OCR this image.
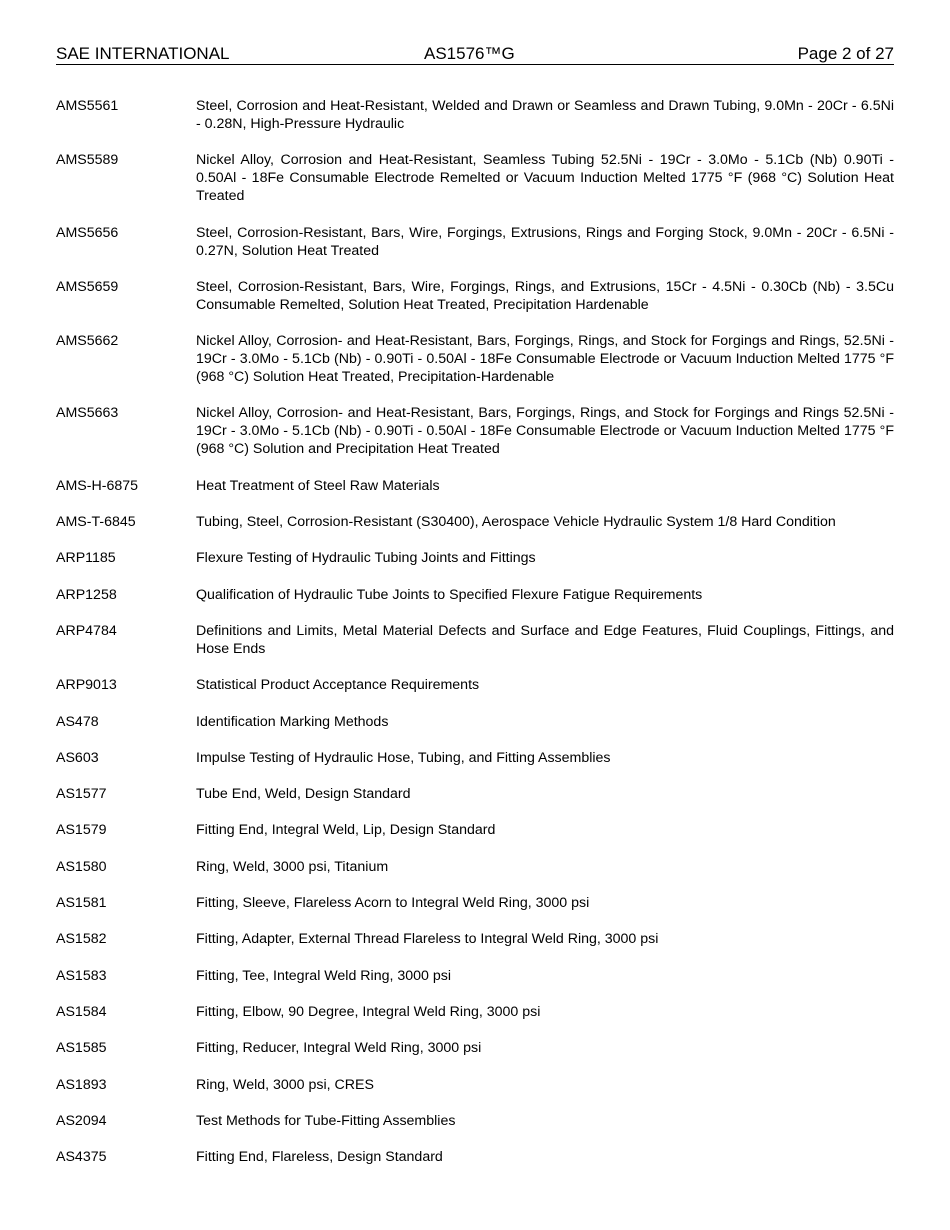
SAE INTERNATIONAL	AS1576™G	Page 2 of 27
AMS5561	Steel, Corrosion and Heat-Resistant, Welded and Drawn or Seamless and Drawn Tubing, 9.0Mn - 20Cr - 6.5Ni - 0.28N, High-Pressure Hydraulic
AMS5589	Nickel Alloy, Corrosion and Heat-Resistant, Seamless Tubing 52.5Ni - 19Cr - 3.0Mo - 5.1Cb (Nb) 0.90Ti - 0.50Al - 18Fe Consumable Electrode Remelted or Vacuum Induction Melted 1775 °F (968 °C) Solution Heat Treated
AMS5656	Steel, Corrosion-Resistant, Bars, Wire, Forgings, Extrusions, Rings and Forging Stock, 9.0Mn - 20Cr - 6.5Ni - 0.27N, Solution Heat Treated
AMS5659	Steel, Corrosion-Resistant, Bars, Wire, Forgings, Rings, and Extrusions, 15Cr - 4.5Ni - 0.30Cb (Nb) - 3.5Cu Consumable Remelted, Solution Heat Treated, Precipitation Hardenable
AMS5662	Nickel Alloy, Corrosion- and Heat-Resistant, Bars, Forgings, Rings, and Stock for Forgings and Rings, 52.5Ni - 19Cr - 3.0Mo - 5.1Cb (Nb) - 0.90Ti - 0.50Al - 18Fe Consumable Electrode or Vacuum Induction Melted 1775 °F (968 °C) Solution Heat Treated, Precipitation-Hardenable
AMS5663	Nickel Alloy, Corrosion- and Heat-Resistant, Bars, Forgings, Rings, and Stock for Forgings and Rings 52.5Ni - 19Cr - 3.0Mo - 5.1Cb (Nb) - 0.90Ti - 0.50Al - 18Fe Consumable Electrode or Vacuum Induction Melted 1775 °F (968 °C) Solution and Precipitation Heat Treated
AMS-H-6875	Heat Treatment of Steel Raw Materials
AMS-T-6845	Tubing, Steel, Corrosion-Resistant (S30400), Aerospace Vehicle Hydraulic System 1/8 Hard Condition
ARP1185	Flexure Testing of Hydraulic Tubing Joints and Fittings
ARP1258	Qualification of Hydraulic Tube Joints to Specified Flexure Fatigue Requirements
ARP4784	Definitions and Limits, Metal Material Defects and Surface and Edge Features, Fluid Couplings, Fittings, and Hose Ends
ARP9013	Statistical Product Acceptance Requirements
AS478	Identification Marking Methods
AS603	Impulse Testing of Hydraulic Hose, Tubing, and Fitting Assemblies
AS1577	Tube End, Weld, Design Standard
AS1579	Fitting End, Integral Weld, Lip, Design Standard
AS1580	Ring, Weld, 3000 psi, Titanium
AS1581	Fitting, Sleeve, Flareless Acorn to Integral Weld Ring, 3000 psi
AS1582	Fitting, Adapter, External Thread Flareless to Integral Weld Ring, 3000 psi
AS1583	Fitting, Tee, Integral Weld Ring, 3000 psi
AS1584	Fitting, Elbow, 90 Degree, Integral Weld Ring, 3000 psi
AS1585	Fitting, Reducer, Integral Weld Ring, 3000 psi
AS1893	Ring, Weld, 3000 psi, CRES
AS2094	Test Methods for Tube-Fitting Assemblies
AS4375	Fitting End, Flareless, Design Standard
